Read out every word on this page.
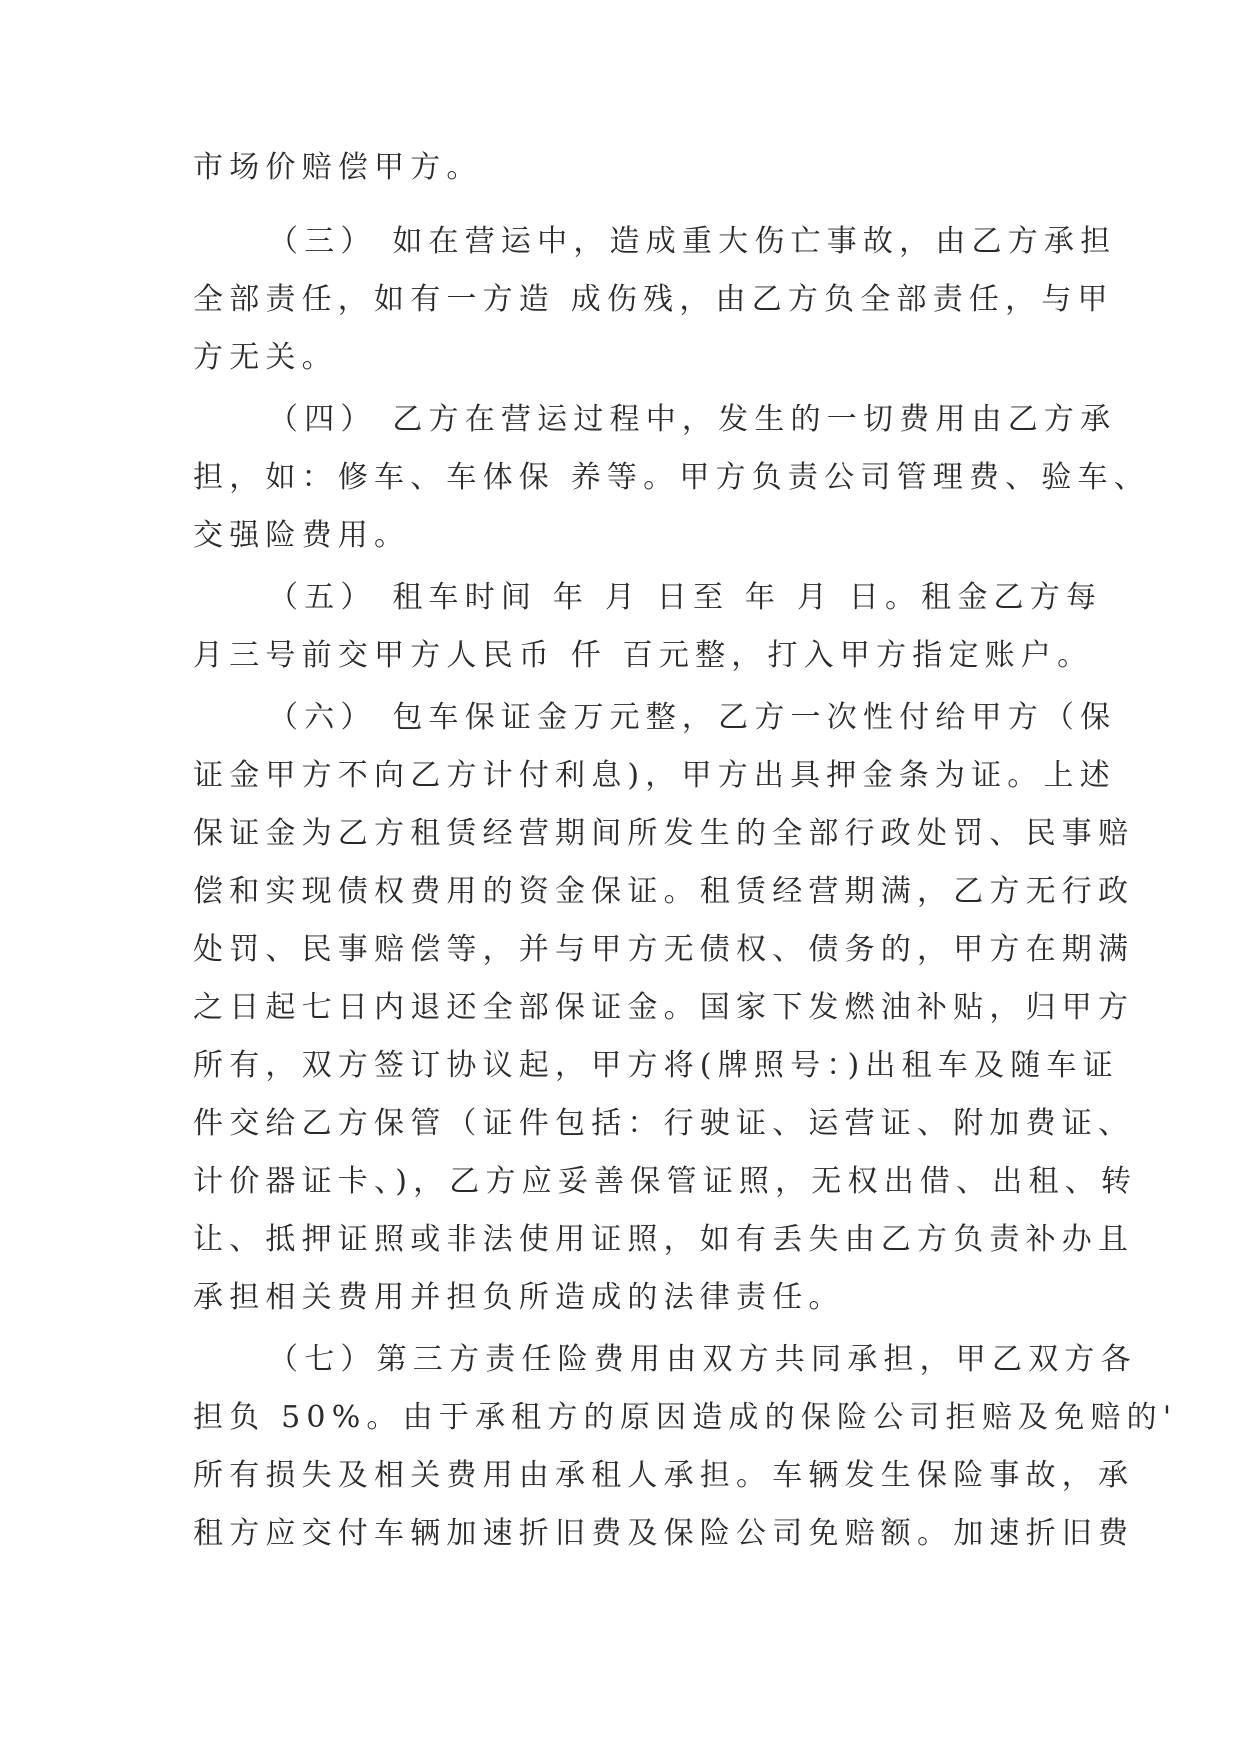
市场价赔偿甲方。
（三） 如在营运中，造成重大伤亡事故，由乙方承担
全部责任，如有一方造 成伤残，由乙方负全部责任，与甲
方无关。
（四） 乙方在营运过程中，发生的一切费用由乙方承
担，如：修车、车体保 养等。甲方负责公司管理费、验车、
交强险费用。
（五） 租车时间 年 月 日至 年 月 日。租金乙方每
月三号前交甲方人民币 仟 百元整，打入甲方指定账户。
（六） 包车保证金万元整，乙方一次性付给甲方（保
证金甲方不向乙方计付利息)，甲方出具押金条为证。上述
保证金为乙方租赁经营期间所发生的全部行政处罚、民事赔
偿和实现债权费用的资金保证。租赁经营期满，乙方无行政
处罚、民事赔偿等，并与甲方无债权、债务的，甲方在期满
之日起七日内退还全部保证金。国家下发燃油补贴，归甲方
所有，双方签订协议起，甲方将(牌照号：)出租车及随车证
件交给乙方保管（证件包括：行驶证、运营证、附加费证、
计价器证卡、)，乙方应妥善保管证照，无权出借、出租、转
让、抵押证照或非法使用证照，如有丢失由乙方负责补办且
承担相关费用并担负所造成的法律责任。
（七）第三方责任险费用由双方共同承担，甲乙双方各
担负 50%。由于承租方的原因造成的保险公司拒赔及免赔的'
所有损失及相关费用由承租人承担。车辆发生保险事故，承
租方应交付车辆加速折旧费及保险公司免赔额。加速折旧费
